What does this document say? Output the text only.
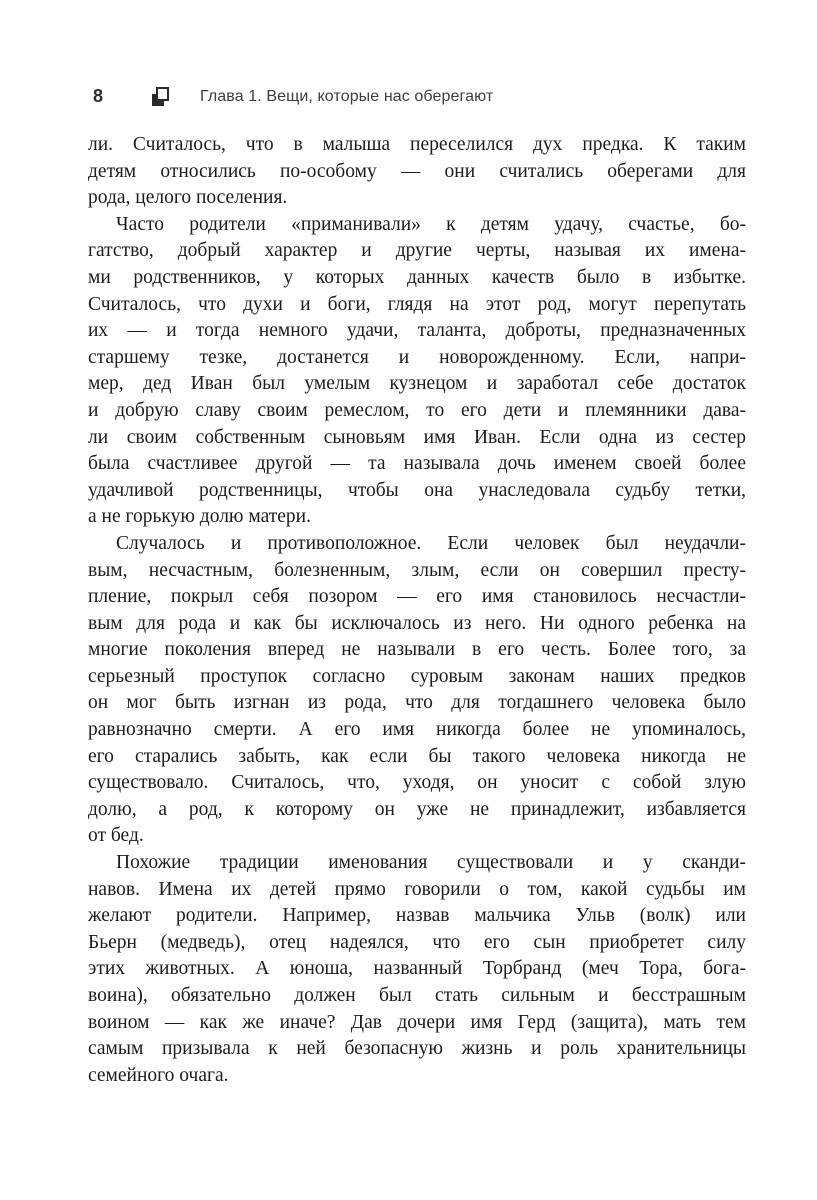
8	Глава 1. Вещи, которые нас оберегают
ли. Считалось, что в малыша переселился дух предка. К таким
детям относились по-особому — они считались оберегами для
рода, целого поселения.
Часто родители «приманивали» к детям удачу, счастье, бо-
гатство, добрый характер и другие черты, называя их имена-
ми родственников, у которых данных качеств было в избытке.
Считалось, что духи и боги, глядя на этот род, могут перепутать
их — и тогда немного удачи, таланта, доброты, предназначенных
старшему тезке, достанется и новорожденному. Если, напри-
мер, дед Иван был умелым кузнецом и заработал себе достаток
и добрую славу своим ремеслом, то его дети и племянники дава-
ли своим собственным сыновьям имя Иван. Если одна из сестер
была счастливее другой — та называла дочь именем своей более
удачливой родственницы, чтобы она унаследовала судьбу тетки,
а не горькую долю матери.
Случалось и противоположное. Если человек был неудачли-
вым, несчастным, болезненным, злым, если он совершил престу-
пление, покрыл себя позором — его имя становилось несчастли-
вым для рода и как бы исключалось из него. Ни одного ребенка на
многие поколения вперед не называли в его честь. Более того, за
серьезный проступок согласно суровым законам наших предков
он мог быть изгнан из рода, что для тогдашнего человека было
равнозначно смерти. А его имя никогда более не упоминалось,
его старались забыть, как если бы такого человека никогда не
существовало. Считалось, что, уходя, он уносит с собой злую
долю, а род, к которому он уже не принадлежит, избавляется
от бед.
Похожие традиции именования существовали и у сканди-
навов. Имена их детей прямо говорили о том, какой судьбы им
желают родители. Например, назвав мальчика Ульв (волк) или
Бьерн (медведь), отец надеялся, что его сын приобретет силу
этих животных. А юноша, названный Торбранд (меч Тора, бога-
воина), обязательно должен был стать сильным и бесстрашным
воином — как же иначе? Дав дочери имя Герд (защита), мать тем
самым призывала к ней безопасную жизнь и роль хранительницы
семейного очага.
